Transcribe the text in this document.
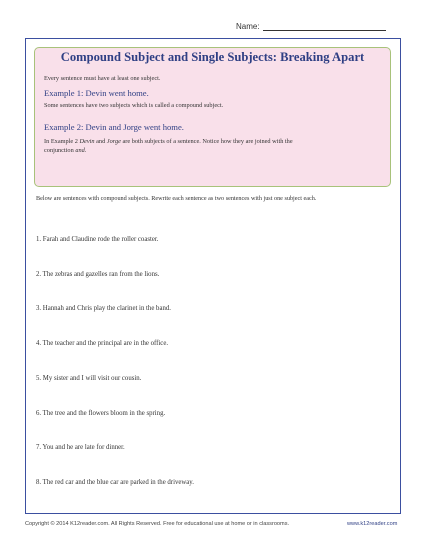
Name:
Compound Subject and Single Subjects: Breaking Apart
Every sentence must have at least one subject.
Example 1: Devin went home.
Some sentences have two subjects which is called a compound subject.
Example 2: Devin and Jorge went home.
In Example 2 Devin and Jorge are both subjects of a sentence. Notice how they are joined with the
conjunction and.
Below are sentences with compound subjects. Rewrite each sentence as two sentences with just one subject each.
1. Farah and Claudine rode the roller coaster.
2. The zebras and gazelles ran from the lions.
3. Hannah and Chris play the clarinet in the band.
4. The teacher and the principal are in the office.
5. My sister and I will visit our cousin.
6. The tree and the flowers bloom in the spring.
7. You and he are late for dinner.
8. The red car and the blue car are parked in the driveway.
Copyright © 2014 K12reader.com. All Rights Reserved. Free for educational use at home or in classrooms.	www.k12reader.com
